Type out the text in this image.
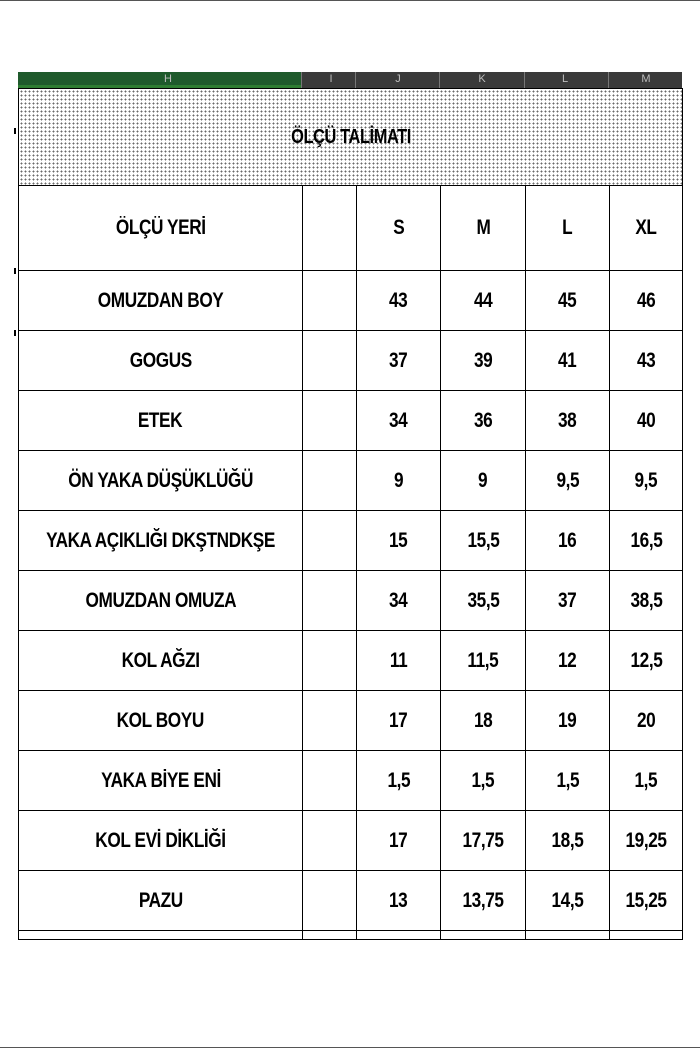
H	I	J	K	L	M
ÖLÇÜ TALİMATI					
ÖLÇÜ YERİ		S	M	L	XL
OMUZDAN BOY		43	44	45	46
GOGUS		37	39	41	43
ETEK		34	36	38	40
ÖN YAKA DÜŞÜKLÜĞÜ		9	9	9,5	9,5
YAKA AÇIKLIĞI DKŞTNDKŞE		15	15,5	16	16,5
OMUZDAN OMUZA		34	35,5	37	38,5
KOL AĞZI		11	11,5	12	12,5
KOL BOYU		17	18	19	20
YAKA BİYE ENİ		1,5	1,5	1,5	1,5
KOL EVİ DİKLİĞİ		17	17,75	18,5	19,25
PAZU		13	13,75	14,5	15,25
